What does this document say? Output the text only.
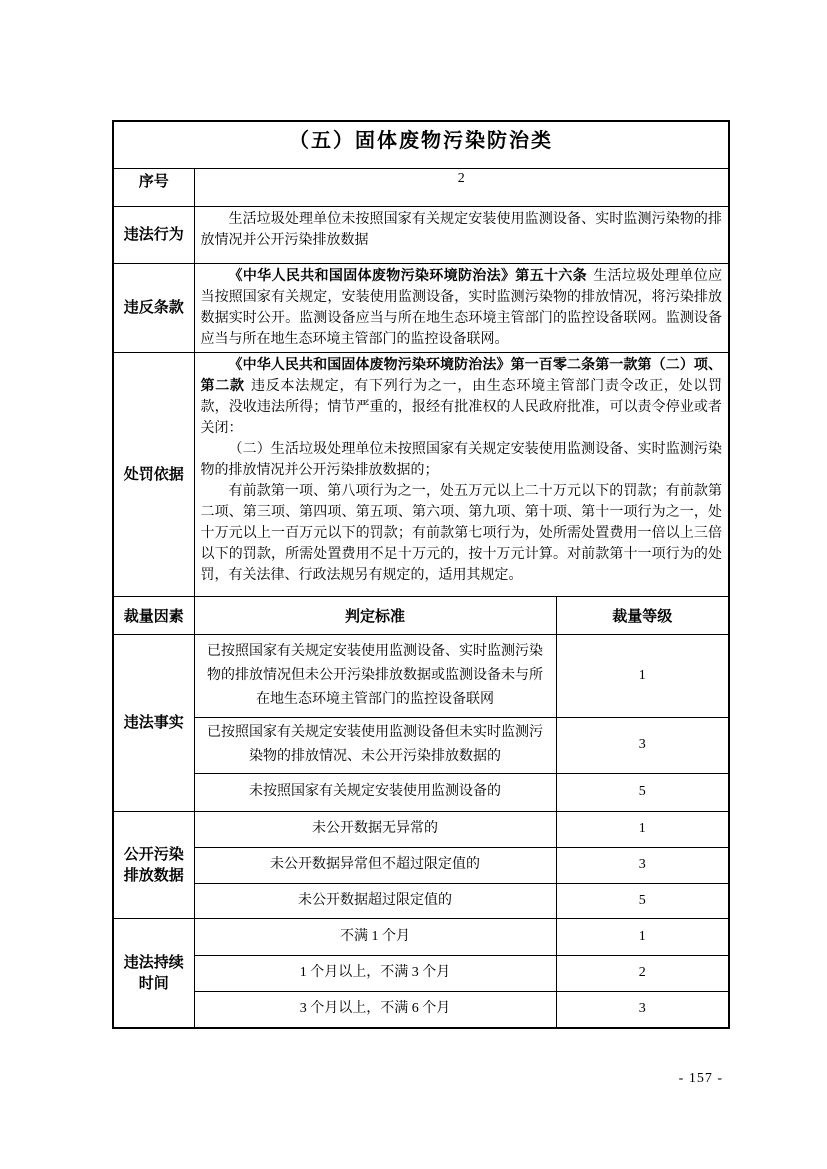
（五）固体废物污染防治类		
序号	2	
违法行为	生活垃圾处理单位未按照国家有关规定安装使用监测设备、实时监测污染物的排放情况并公开污染排放数据	

违反条款	《中华人民共和国固体废物污染环境防治法》第五十六条 生活垃圾处理单位应当按照国家有关规定，安装使用监测设备，实时监测污染物的排放情况，将污染排放数据实时公开。监测设备应当与所在地生态环境主管部门的监控设备联网。监测设备应当与所在地生态环境主管部门的监控设备联网。	

处罚依据	《中华人民共和国固体废物污染环境防治法》第一百零二条第一款第（二）项、第二款 违反本法规定，有下列行为之一，由生态环境主管部门责令改正，处以罚款，没收违法所得；情节严重的，报经有批准权的人民政府批准，可以责令停业或者关闭：

（二）生活垃圾处理单位未按照国家有关规定安装使用监测设备、实时监测污染物的排放情况并公开污染排放数据的；

有前款第一项、第八项行为之一，处五万元以上二十万元以下的罚款；有前款第二项、第三项、第四项、第五项、第六项、第九项、第十项、第十一项行为之一，处十万元以上一百万元以下的罚款；有前款第七项行为，处所需处置费用一倍以上三倍以下的罚款，所需处置费用不足十万元的，按十万元计算。对前款第十一项行为的处罚，有关法律、行政法规另有规定的，适用其规定。	

裁量因素	判定标准	裁量等级
违法事实	已按照国家有关规定安装使用监测设备、实时监测污染物的排放情况但未公开污染排放数据或监测设备未与所在地生态环境主管部门的监控设备联网	1
	已按照国家有关规定安装使用监测设备但未实时监测污染物的排放情况、未公开污染排放数据的	3
	未按照国家有关规定安装使用监测设备的	5
公开污染排放数据	未公开数据无异常的	1
	未公开数据异常但不超过限定值的	3
	未公开数据超过限定值的	5
违法持续时间	不满 1 个月	1
	1 个月以上，不满 3 个月	2
	3 个月以上，不满 6 个月	3
- 157 -
